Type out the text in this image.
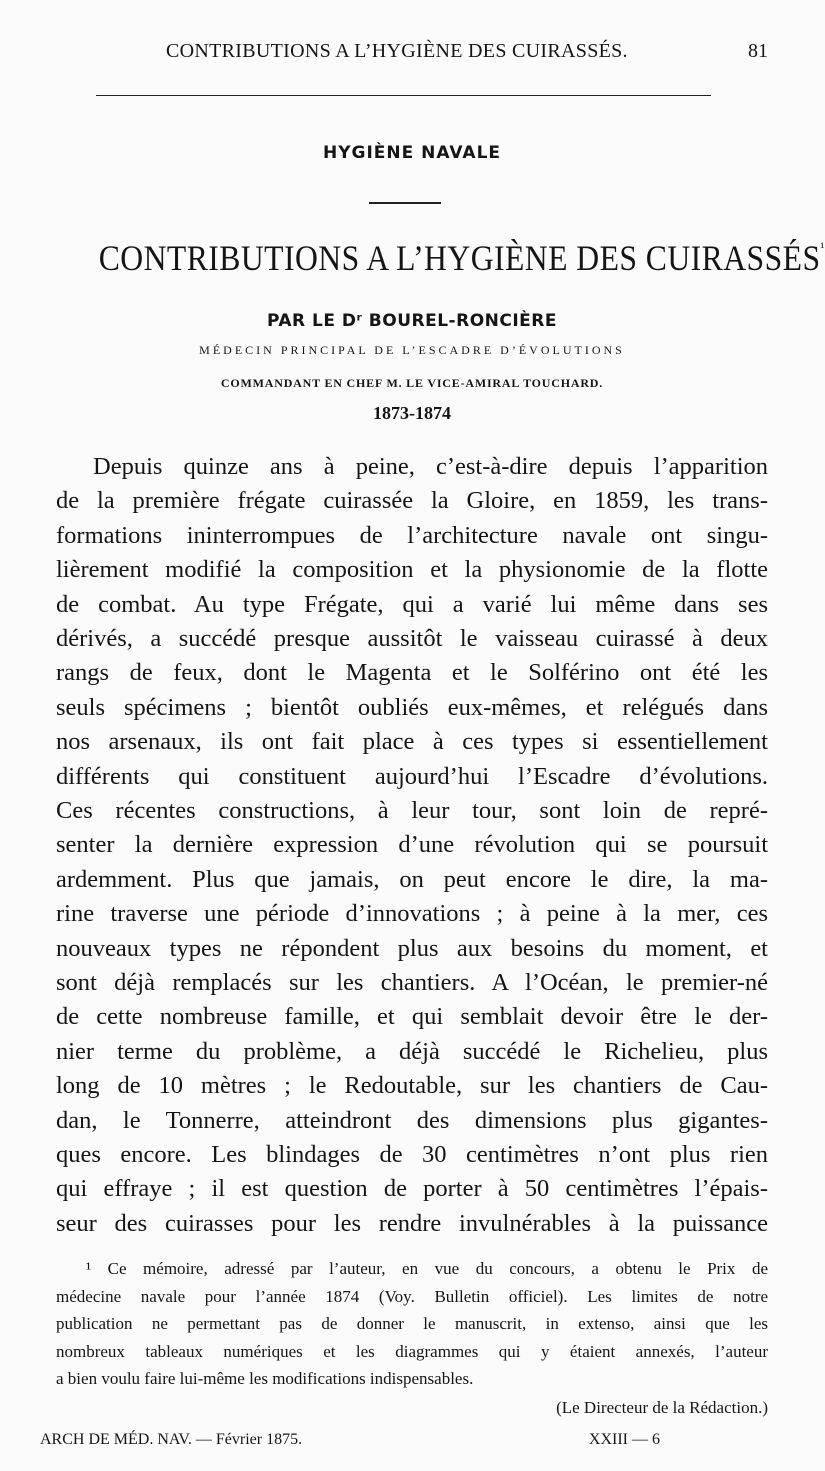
CONTRIBUTIONS A L’HYGIÈNE DES CUIRASSÉS.	81
HYGIÈNE NAVALE
CONTRIBUTIONS A L’HYGIÈNE DES $CUIRASSÉS^{^1}$
PAR LE Dʳ BOUREL-RONCIÈRE
MÉDECIN PRINCIPAL DE L’ESCADRE D’ÉVOLUTIONS
COMMANDANT EN CHEF M. LE VICE-AMIRAL TOUCHARD.
1873-1874
Depuis quinze ans à peine, c’est-à-dire depuis l’apparition
de la première frégate cuirassée la Gloire, en 1859, les trans-
formations ininterrompues de l’architecture navale ont singu-
lièrement modifié la composition et la physionomie de la flotte
de combat. Au type Frégate, qui a varié lui même dans ses
dérivés, a succédé presque aussitôt le vaisseau cuirassé à deux
rangs de feux, dont le Magenta et le Solférino ont été les
seuls spécimens ; bientôt oubliés eux-mêmes, et relégués dans
nos arsenaux, ils ont fait place à ces types si essentiellement
différents qui constituent aujourd’hui l’Escadre d’évolutions.
Ces récentes constructions, à leur tour, sont loin de repré-
senter la dernière expression d’une révolution qui se poursuit
ardemment. Plus que jamais, on peut encore le dire, la ma-
rine traverse une période d’innovations ; à peine à la mer, ces
nouveaux types ne répondent plus aux besoins du moment, et
sont déjà remplacés sur les chantiers. A l’Océan, le premier-né
de cette nombreuse famille, et qui semblait devoir être le der-
nier terme du problème, a déjà succédé le Richelieu, plus
long de 10 mètres ; le Redoutable, sur les chantiers de Cau-
dan, le Tonnerre, atteindront des dimensions plus gigantes-
ques encore. Les blindages de 30 centimètres n’ont plus rien
qui effraye ; il est question de porter à 50 centimètres l’épais-
seur des cuirasses pour les rendre invulnérables à la puissance
¹ Ce mémoire, adressé par l’auteur, en vue du concours, a obtenu le Prix de
médecine navale pour l’année 1874 (Voy. Bulletin officiel). Les limites de notre
publication ne permettant pas de donner le manuscrit, in extenso, ainsi que les
nombreux tableaux numériques et les diagrammes qui y étaient annexés, l’auteur
a bien voulu faire lui-même les modifications indispensables.
(Le Directeur de la Rédaction.)
ARCH DE MÉD. NAV. — Février 1875.	XXIII — 6
